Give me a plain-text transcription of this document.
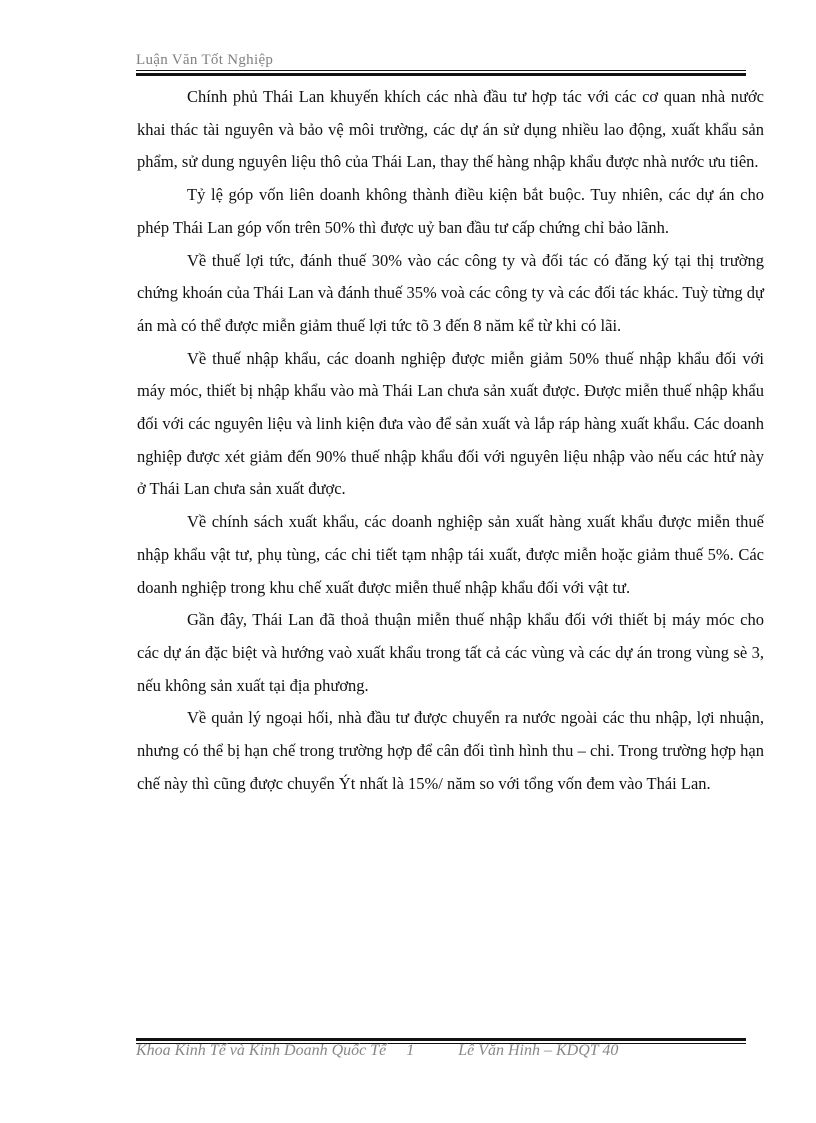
Luận Văn Tốt Nghiệp

Chính phủ Thái Lan khuyến khích các nhà đầu tư hợp tác với các cơ quan nhà nước khai thác tài nguyên và bảo vệ môi trường, các dự án sử dụng nhiều lao động, xuất khẩu sản phẩm, sử dung nguyên liệu thô của Thái Lan, thay thế hàng nhập khẩu được nhà nước ưu tiên.

Tỷ lệ góp vốn liên doanh không thành điều kiện bắt buộc. Tuy nhiên, các dự án cho phép Thái Lan góp vốn trên 50% thì được uỷ ban đầu tư cấp chứng chỉ bảo lãnh.

Về thuế lợi tức, đánh thuế 30% vào các công ty và đối tác có đăng ký tại thị trường chứng khoán của Thái Lan và đánh thuế 35% voà các công ty và các đối tác khác. Tuỳ từng dự án mà có thể được miễn giảm thuế lợi tức tõ 3 đến 8 năm kể từ khi có lãi.

Về thuế nhập khẩu, các doanh nghiệp được miễn giảm 50% thuế nhập khẩu đối với máy móc, thiết bị nhập khẩu vào mà Thái Lan chưa sản xuất được. Được miễn thuế nhập khẩu đối với các nguyên liệu và linh kiện đưa vào để sản xuất và lắp ráp hàng xuất khẩu. Các doanh nghiệp được xét giảm đến 90% thuế nhập khẩu đối với nguyên liệu nhập vào nếu các htứ này ở Thái Lan chưa sản xuất được.

Về chính sách xuất khẩu, các doanh nghiệp sản xuất hàng xuất khẩu được miễn thuế nhập khẩu vật tư, phụ tùng, các chi tiết tạm nhập tái xuất, được miễn hoặc giảm thuế 5%. Các doanh nghiệp trong khu chế xuất được miễn thuế nhập khẩu đối với vật tư.

Gần đây, Thái Lan đã thoả thuận miễn thuế nhập khẩu đối với thiết bị máy móc cho các dự án đặc biệt và hướng vaò xuất khẩu trong tất cả các vùng và các dự án trong vùng sè 3, nếu không sản xuất tại địa phương.

Về quản lý ngoại hối, nhà đầu tư được chuyển ra nước ngoài các thu nhập, lợi nhuận, nhưng có thể bị hạn chế trong trường hợp để cân đối tình hình thu – chi. Trong trường hợp hạn chế này thì cũng được chuyển Ýt nhất là 15%/ năm so với tổng vốn đem vào Thái Lan.

Khoa Kinh Tế và Kinh Doanh Quốc Tế 1	Lê Văn Hinh – KDQT 40
